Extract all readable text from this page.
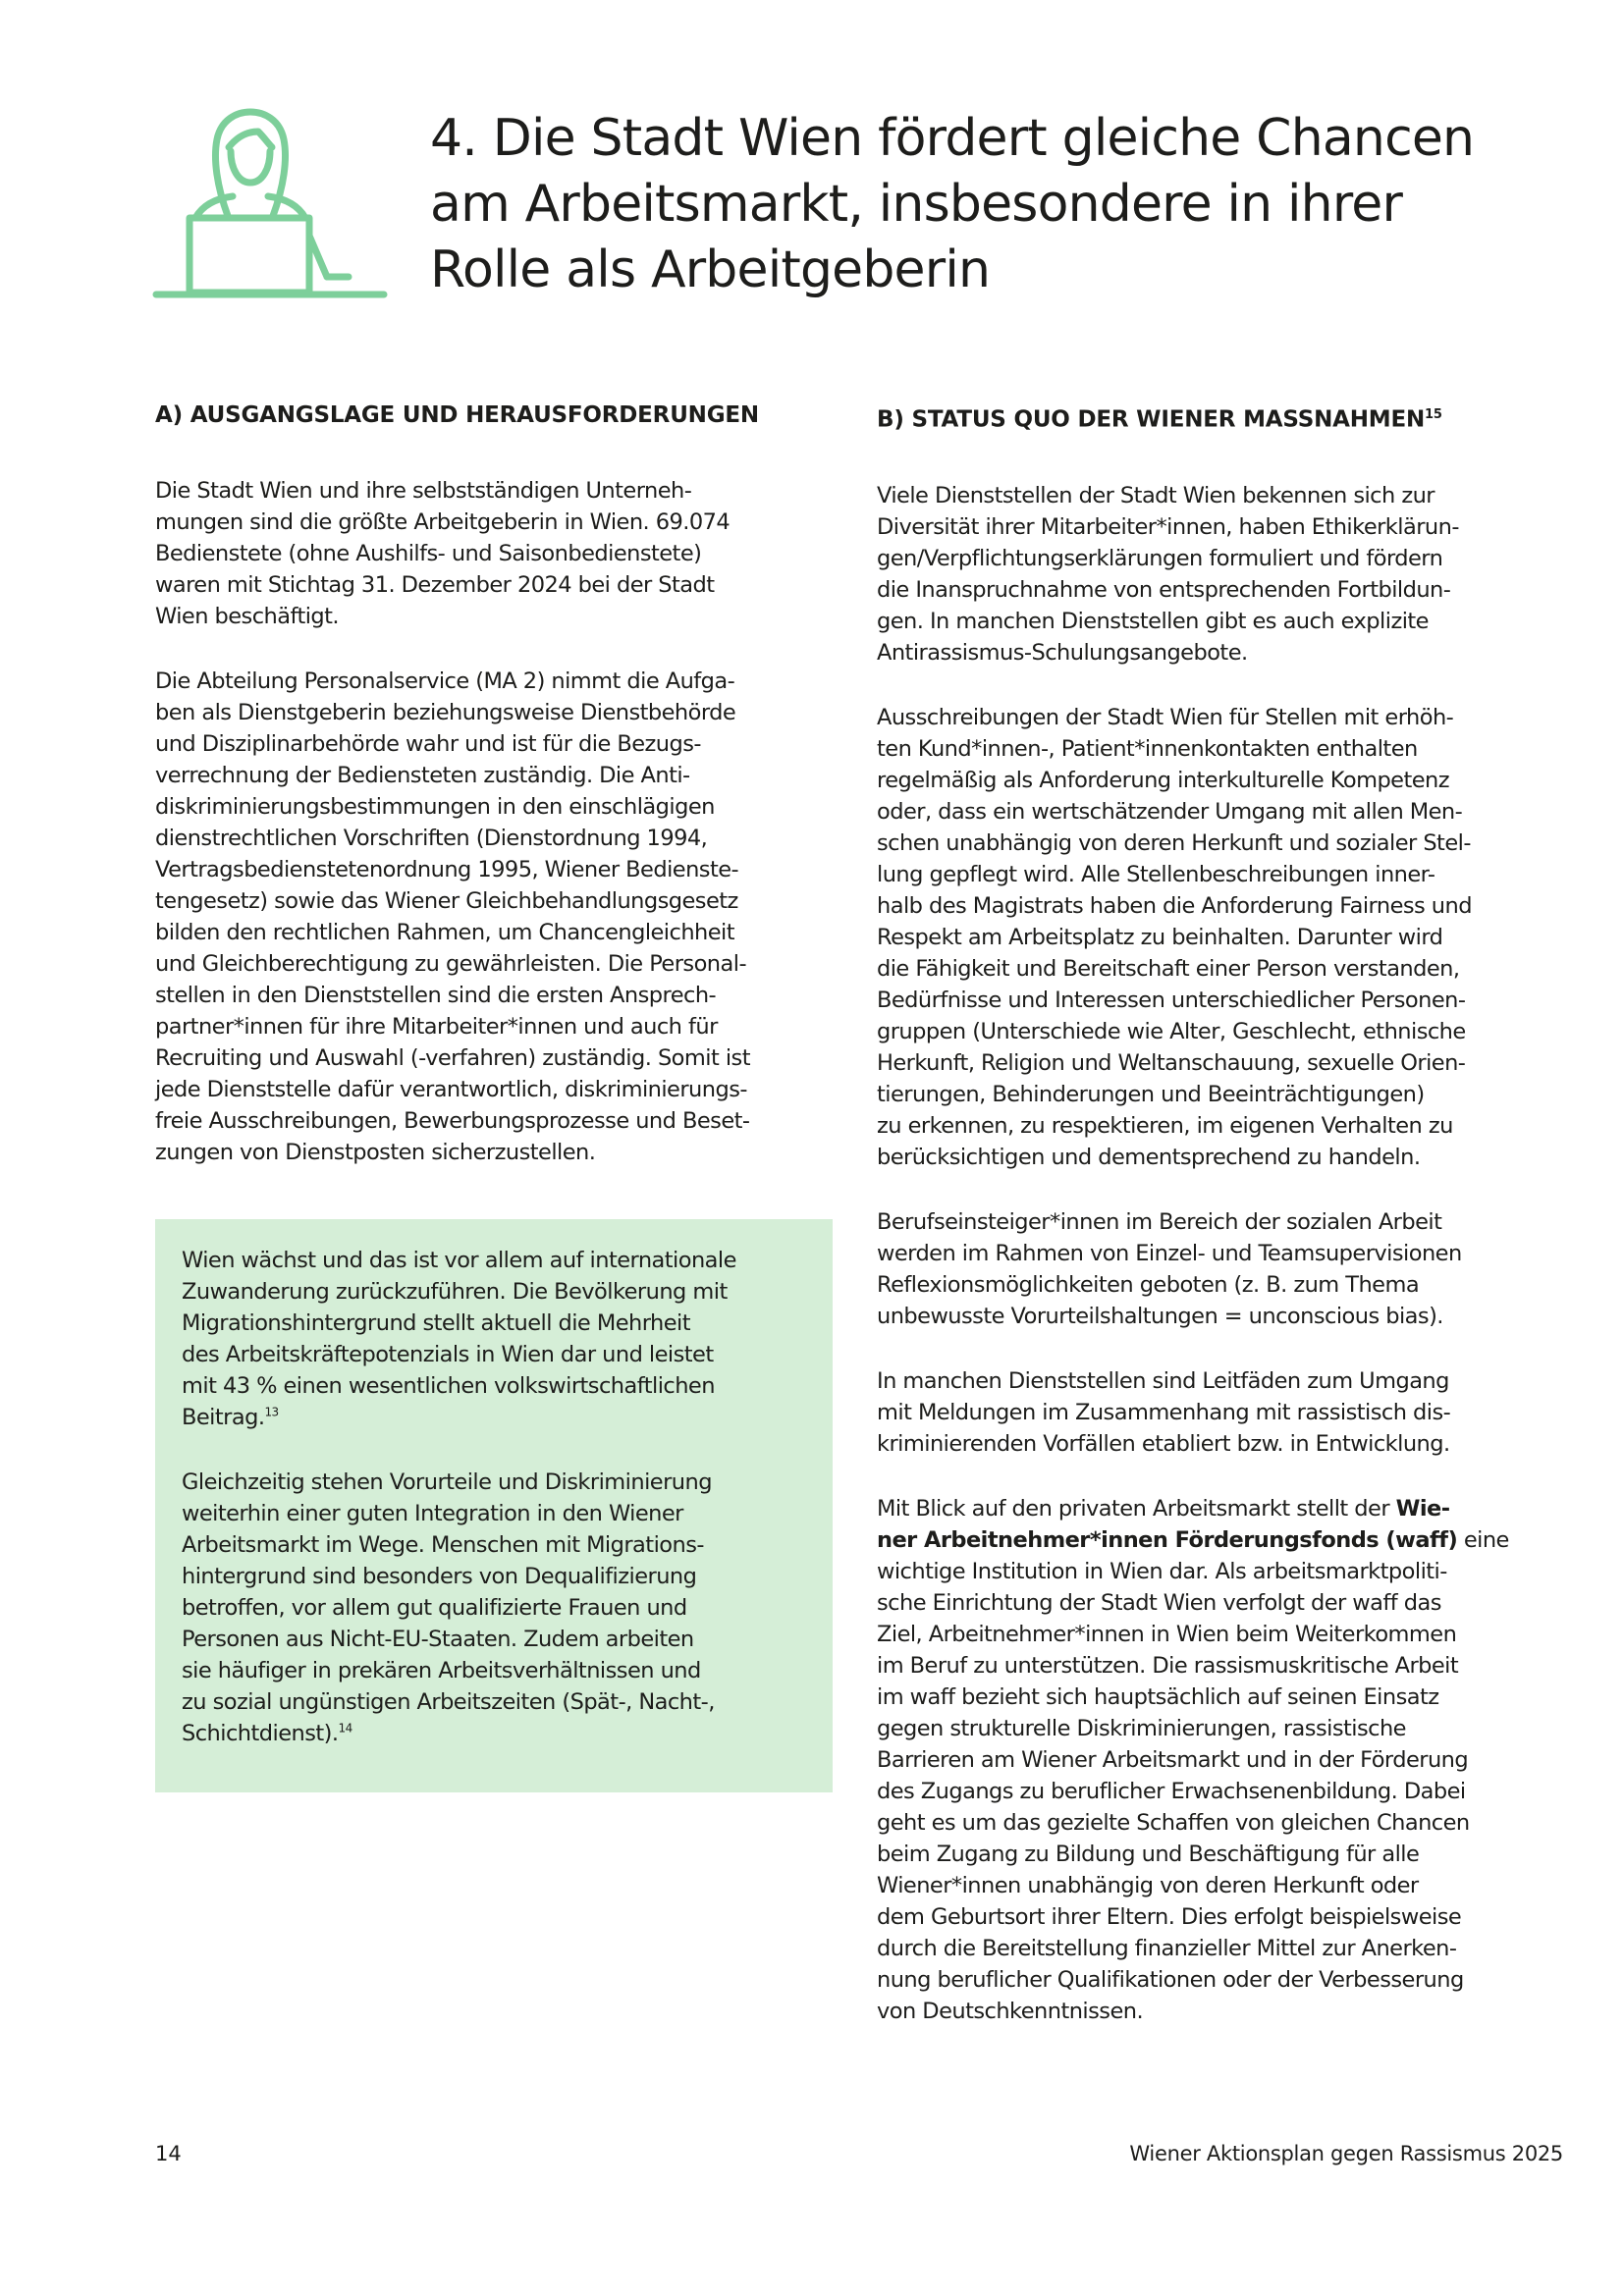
4. Die Stadt Wien fördert gleiche Chancen
am Arbeitsmarkt, insbesondere in ihrer
Rolle als Arbeitgeberin
A) AUSGANGSLAGE UND HERAUSFORDERUNGEN

Die Stadt Wien und ihre selbstständigen Unterneh-
mungen sind die größte Arbeitgeberin in Wien. 69.074
Bedienstete (ohne Aushilfs- und Saisonbedienstete)
waren mit Stichtag 31. Dezember 2024 bei der Stadt
Wien beschäftigt.

Die Abteilung Personalservice (MA 2) nimmt die Aufga-
ben als Dienstgeberin beziehungsweise Dienstbehörde
und Disziplinarbehörde wahr und ist für die Bezugs-
verrechnung der Bediensteten zuständig. Die Anti-
diskriminierungsbestimmungen in den einschlägigen
dienstrechtlichen Vorschriften (Dienstordnung 1994,
Vertragsbedienstetenordnung 1995, Wiener Bedienste-
tengesetz) sowie das Wiener Gleichbehandlungsgesetz
bilden den rechtlichen Rahmen, um Chancengleichheit
und Gleichberechtigung zu gewährleisten. Die Personal-
stellen in den Dienststellen sind die ersten Ansprech-
partner*innen für ihre Mitarbeiter*innen und auch für
Recruiting und Auswahl (-verfahren) zuständig. Somit ist
jede Dienststelle dafür verantwortlich, diskriminierungs-
freie Ausschreibungen, Bewerbungsprozesse und Beset-
zungen von Dienstposten sicherzustellen.

Wien wächst und das ist vor allem auf internationale
Zuwanderung zurückzuführen. Die Bevölkerung mit
Migrationshintergrund stellt aktuell die Mehrheit
des Arbeitskräftepotenzials in Wien dar und leistet
mit 43 % einen wesentlichen volkswirtschaftlichen
Beitrag.$^{13}$

Gleichzeitig stehen Vorurteile und Diskriminierung
weiterhin einer guten Integration in den Wiener
Arbeitsmarkt im Wege. Menschen mit Migrations-
hintergrund sind besonders von Dequalifizierung
betroffen, vor allem gut qualifizierte Frauen und
Personen aus Nicht-EU-Staaten. Zudem arbeiten
sie häufiger in prekären Arbeitsverhältnissen und
zu sozial ungünstigen Arbeitszeiten (Spät-, Nacht-,
Schichtdienst).$^{14}$

B) STATUS QUO DER WIENER MASSNAHMEN$^{15}$

Viele Dienststellen der Stadt Wien bekennen sich zur
Diversität ihrer Mitarbeiter*innen, haben Ethikerklärun-
gen/Verpflichtungserklärungen formuliert und fördern
die Inanspruchnahme von entsprechenden Fortbildun-
gen. In manchen Dienststellen gibt es auch explizite
Antirassismus-Schulungsangebote.

Ausschreibungen der Stadt Wien für Stellen mit erhöh-
ten Kund*innen-, Patient*innenkontakten enthalten
regelmäßig als Anforderung interkulturelle Kompetenz
oder, dass ein wertschätzender Umgang mit allen Men-
schen unabhängig von deren Herkunft und sozialer Stel-
lung gepflegt wird. Alle Stellenbeschreibungen inner-
halb des Magistrats haben die Anforderung Fairness und
Respekt am Arbeitsplatz zu beinhalten. Darunter wird
die Fähigkeit und Bereitschaft einer Person verstanden,
Bedürfnisse und Interessen unterschiedlicher Personen-
gruppen (Unterschiede wie Alter, Geschlecht, ethnische
Herkunft, Religion und Weltanschauung, sexuelle Orien-
tierungen, Behinderungen und Beeinträchtigungen)
zu erkennen, zu respektieren, im eigenen Verhalten zu
berücksichtigen und dementsprechend zu handeln.

Berufseinsteiger*innen im Bereich der sozialen Arbeit
werden im Rahmen von Einzel- und Teamsupervisionen
Reflexionsmöglichkeiten geboten (z. B. zum Thema
unbewusste Vorurteilshaltungen = unconscious bias).

In manchen Dienststellen sind Leitfäden zum Umgang
mit Meldungen im Zusammenhang mit rassistisch dis-
kriminierenden Vorfällen etabliert bzw. in Entwicklung.

Mit Blick auf den privaten Arbeitsmarkt stellt der Wie-
ner Arbeitnehmer*innen Förderungsfonds (waff) eine
wichtige Institution in Wien dar. Als arbeitsmarktpoliti-
sche Einrichtung der Stadt Wien verfolgt der waff das
Ziel, Arbeitnehmer*innen in Wien beim Weiterkommen
im Beruf zu unterstützen. Die rassismuskritische Arbeit
im waff bezieht sich hauptsächlich auf seinen Einsatz
gegen strukturelle Diskriminierungen, rassistische
Barrieren am Wiener Arbeitsmarkt und in der Förderung
des Zugangs zu beruflicher Erwachsenenbildung. Dabei
geht es um das gezielte Schaffen von gleichen Chancen
beim Zugang zu Bildung und Beschäftigung für alle
Wiener*innen unabhängig von deren Herkunft oder
dem Geburtsort ihrer Eltern. Dies erfolgt beispielsweise
durch die Bereitstellung finanzieller Mittel zur Anerken-
nung beruflicher Qualifikationen oder der Verbesserung
von Deutschkenntnissen.

14	Wiener Aktionsplan gegen Rassismus 2025
